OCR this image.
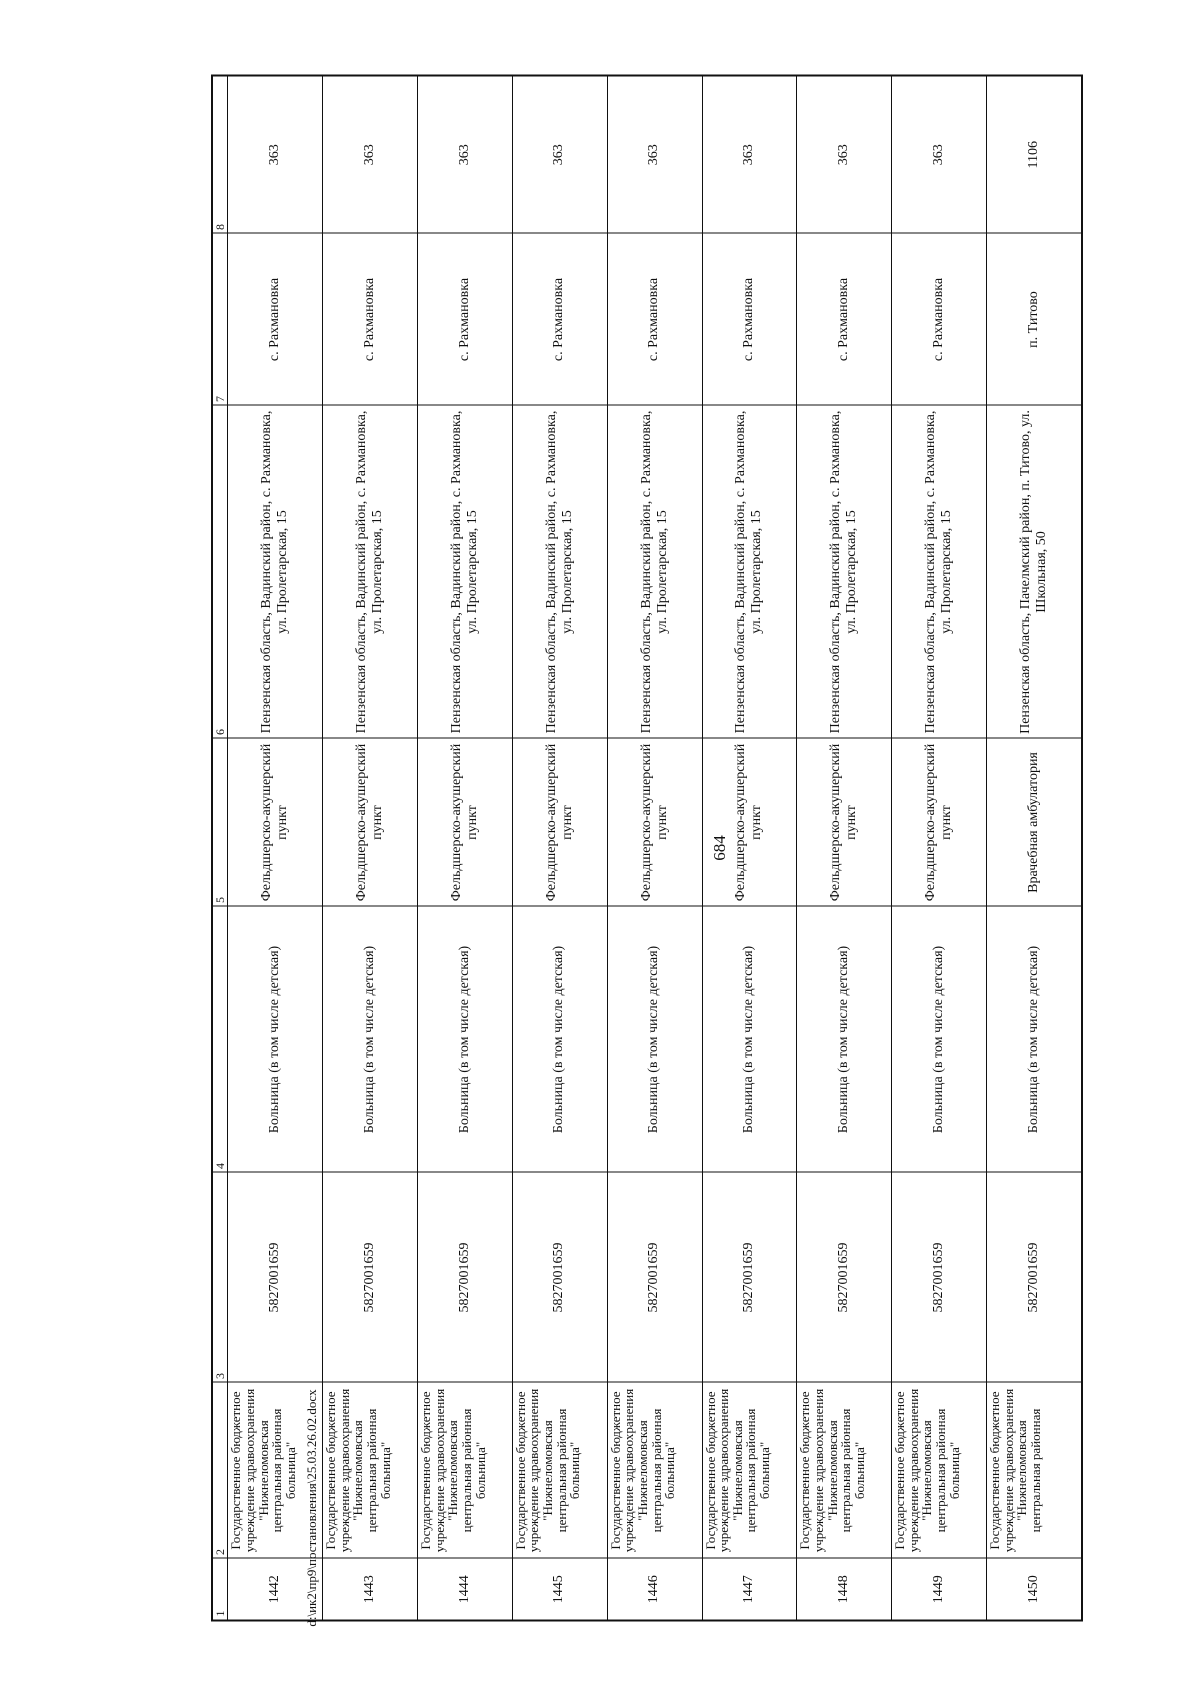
684
1	2	3	4	5	6	7	8
1442	Государственное бюджетное
учреждение здравоохранения
"Нижнеломовская
центральная районная
больница"	5827001659	Больница (в том числе детская)	Фельдшерско-акушерский пункт	Пензенская область, Вадинский район, с. Рахмановка, ул. Пролетарская, 15	с. Рахмановка	363
1443	Государственное бюджетное
учреждение здравоохранения
"Нижнеломовская
центральная районная
больница"	5827001659	Больница (в том числе детская)	Фельдшерско-акушерский пункт	Пензенская область, Вадинский район, с. Рахмановка, ул. Пролетарская, 15	с. Рахмановка	363
1444	Государственное бюджетное
учреждение здравоохранения
"Нижнеломовская
центральная районная
больница"	5827001659	Больница (в том числе детская)	Фельдшерско-акушерский пункт	Пензенская область, Вадинский район, с. Рахмановка, ул. Пролетарская, 15	с. Рахмановка	363
1445	Государственное бюджетное
учреждение здравоохранения
"Нижнеломовская
центральная районная
больница"	5827001659	Больница (в том числе детская)	Фельдшерско-акушерский пункт	Пензенская область, Вадинский район, с. Рахмановка, ул. Пролетарская, 15	с. Рахмановка	363
1446	Государственное бюджетное
учреждение здравоохранения
"Нижнеломовская
центральная районная
больница"	5827001659	Больница (в том числе детская)	Фельдшерско-акушерский пункт	Пензенская область, Вадинский район, с. Рахмановка, ул. Пролетарская, 15	с. Рахмановка	363
1447	Государственное бюджетное
учреждение здравоохранения
"Нижнеломовская
центральная районная
больница"	5827001659	Больница (в том числе детская)	Фельдшерско-акушерский пункт	Пензенская область, Вадинский район, с. Рахмановка, ул. Пролетарская, 15	с. Рахмановка	363
1448	Государственное бюджетное
учреждение здравоохранения
"Нижнеломовская
центральная районная
больница"	5827001659	Больница (в том числе детская)	Фельдшерско-акушерский пункт	Пензенская область, Вадинский район, с. Рахмановка, ул. Пролетарская, 15	с. Рахмановка	363
1449	Государственное бюджетное
учреждение здравоохранения
"Нижнеломовская
центральная районная
больница"	5827001659	Больница (в том числе детская)	Фельдшерско-акушерский пункт	Пензенская область, Вадинский район, с. Рахмановка, ул. Пролетарская, 15	с. Рахмановка	363
1450	Государственное бюджетное
учреждение здравоохранения
"Нижнеломовская
центральная районная	5827001659	Больница (в том числе детская)	Врачебная амбулатория	Пензенская область, Пачелмский район, п. Титово, ул. Школьная, 50	п. Титово	1106
d:\ик2\пр9\постановления\25.03.26.02.docx
